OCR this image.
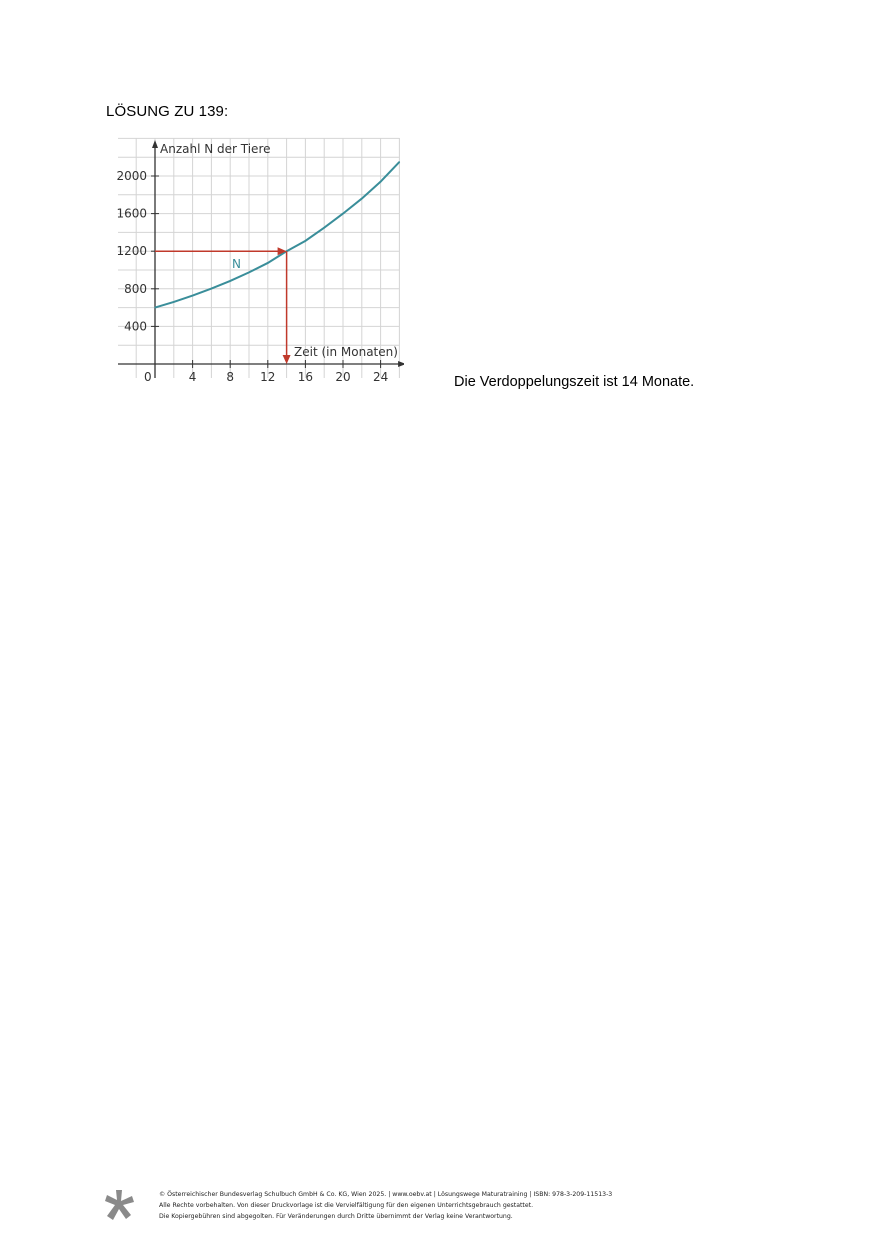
LÖSUNG ZU 139:
4 8 12 16 20 24
400
800
1200
1600
2000
Anzahl N der Tiere
Zeit (in Monaten)
N
0	Die Verdoppelungszeit ist 14 Monate.
© Österreichischer Bundesverlag Schulbuch GmbH & Co. KG, Wien 2025. | www.oebv.at | Lösungswege Maturatraining | ISBN: 978-3-209-11513-3
Alle Rechte vorbehalten. Von dieser Druckvorlage ist die Vervielfältigung für den eigenen Unterrichtsgebrauch gestattet.
Die Kopiergebühren sind abgegolten. Für Veränderungen durch Dritte übernimmt der Verlag keine Verantwortung.
